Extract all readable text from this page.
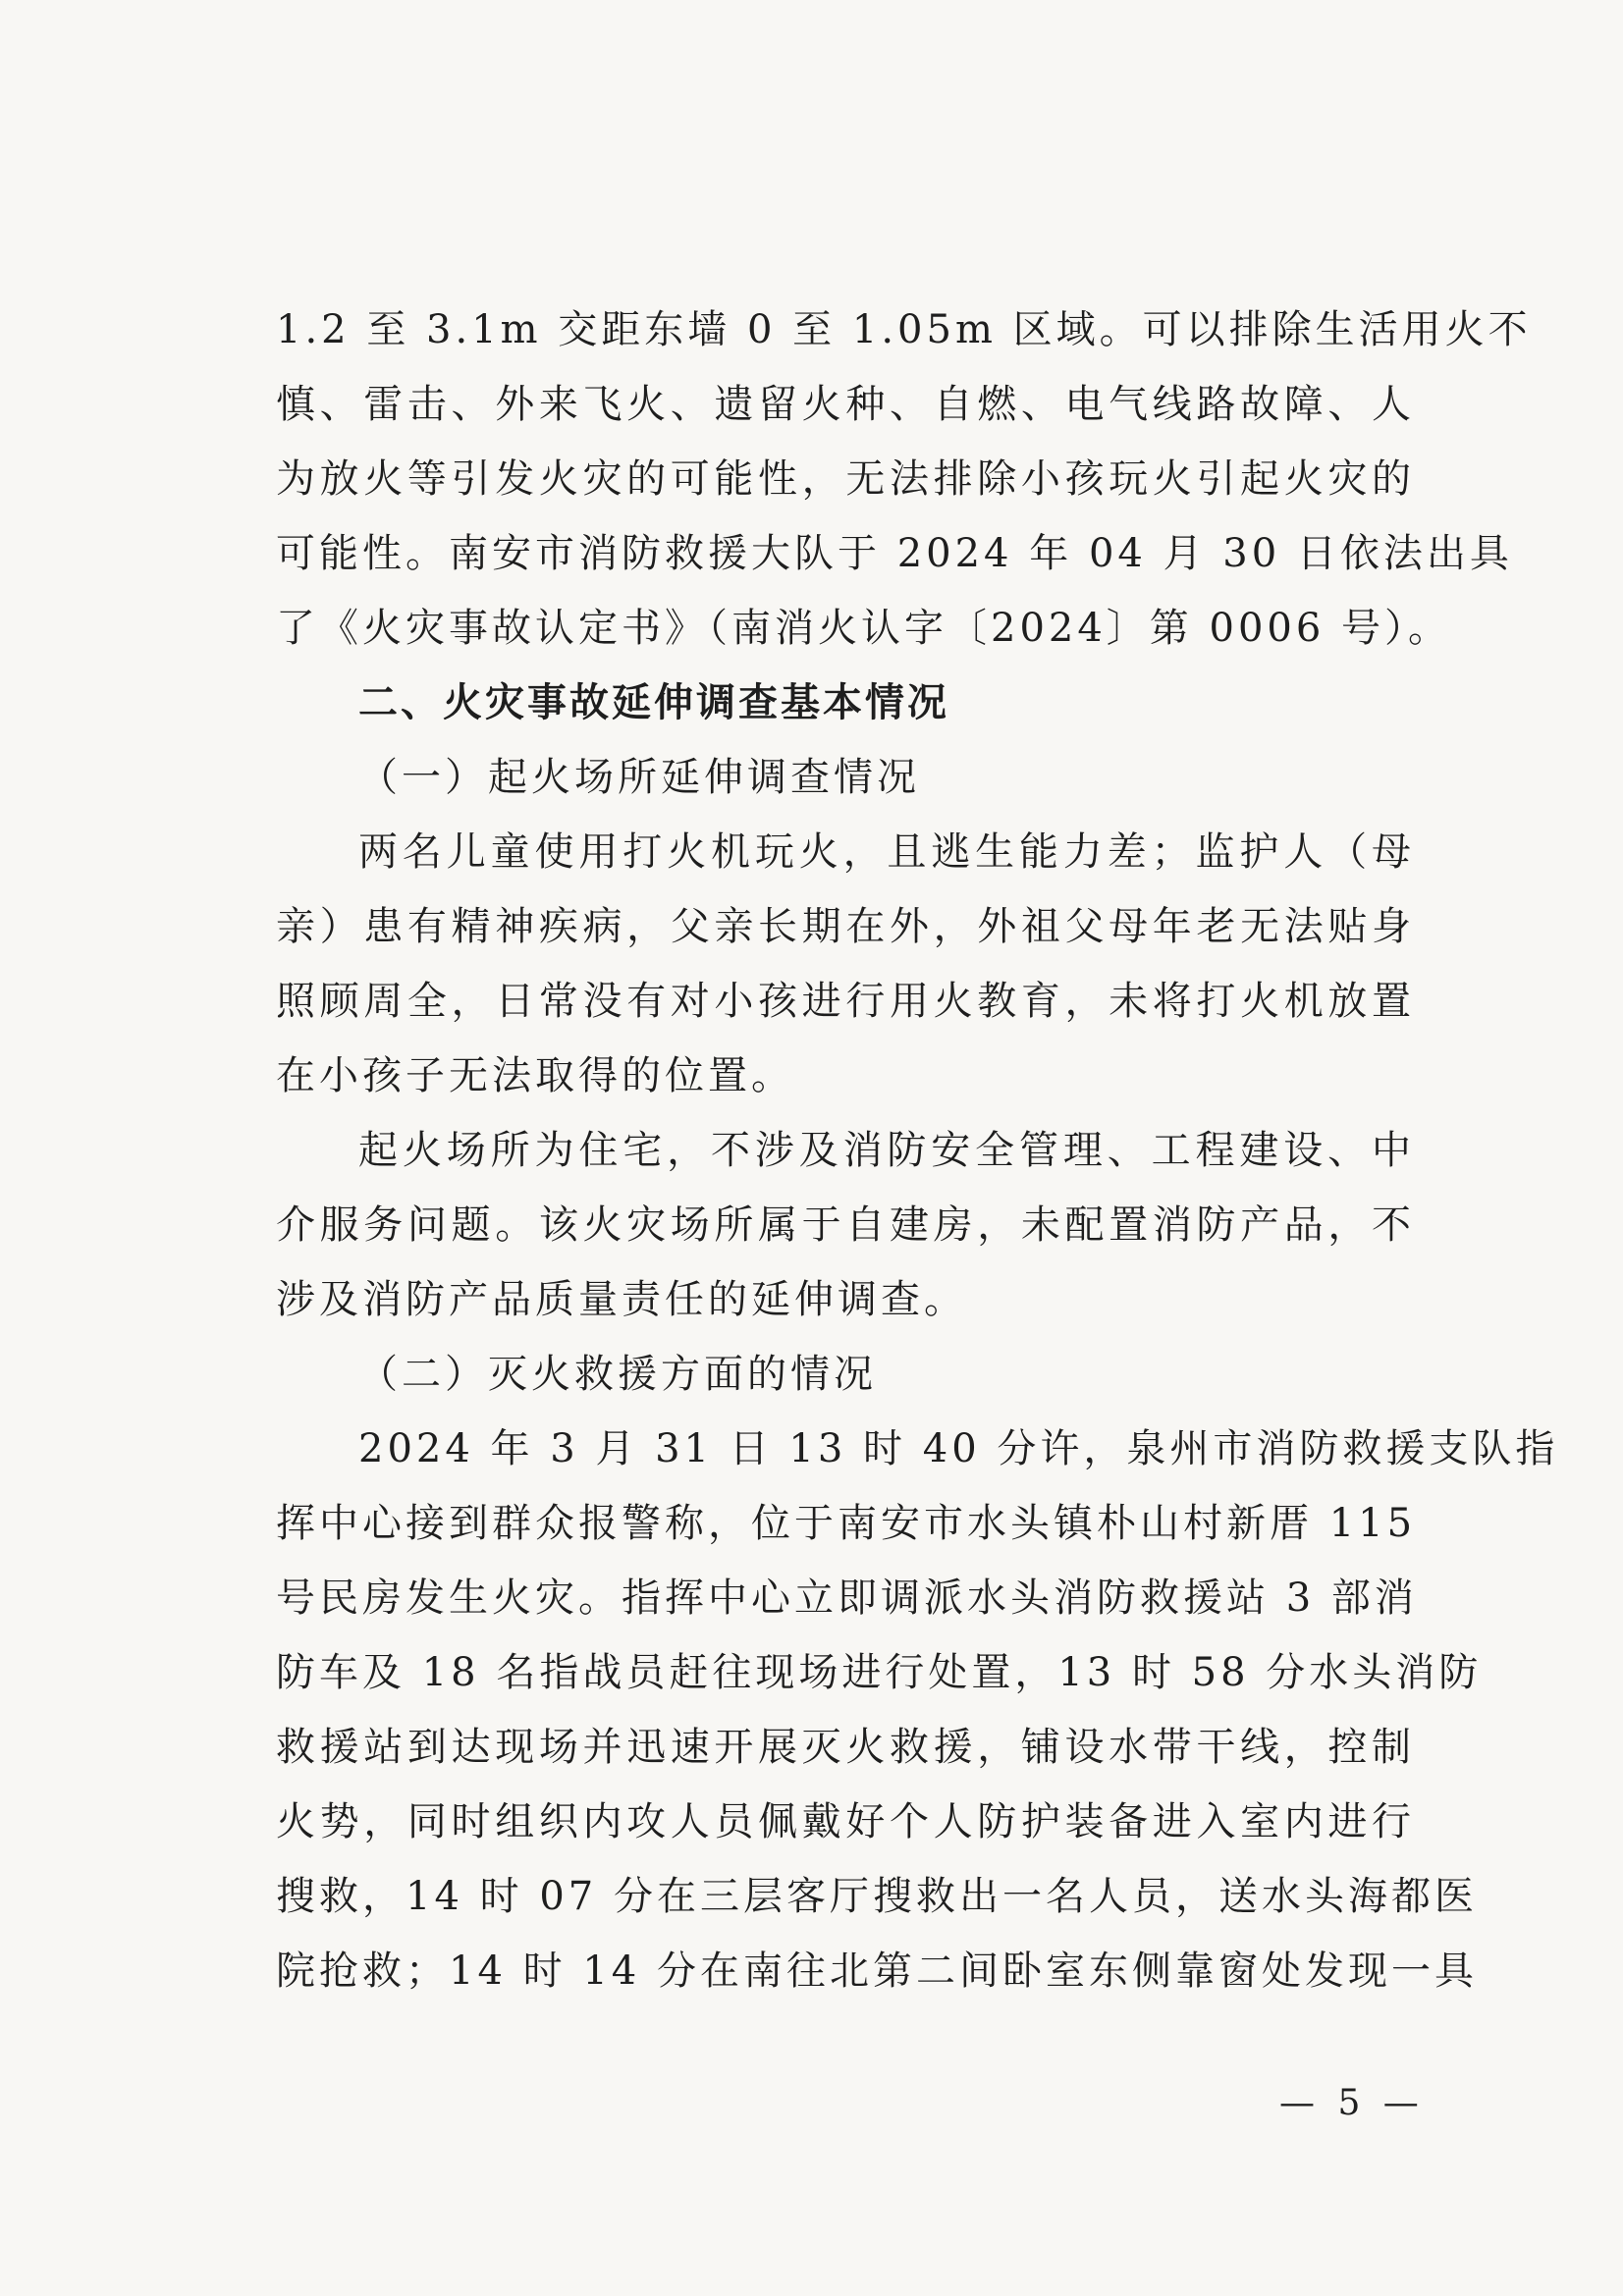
1.2 至 3.1m 交距东墙 0 至 1.05m 区域。可以排除生活用火不
慎、雷击、外来飞火、遗留火种、自燃、电气线路故障、人
为放火等引发火灾的可能性，无法排除小孩玩火引起火灾的
可能性。南安市消防救援大队于 2024 年 04 月 30 日依法出具
了《火灾事故认定书》（南消火认字〔2024〕第 0006 号）。
二、火灾事故延伸调查基本情况
（一）起火场所延伸调查情况
两名儿童使用打火机玩火，且逃生能力差；监护人（母
亲）患有精神疾病，父亲长期在外，外祖父母年老无法贴身
照顾周全，日常没有对小孩进行用火教育，未将打火机放置
在小孩子无法取得的位置。
起火场所为住宅，不涉及消防安全管理、工程建设、中
介服务问题。该火灾场所属于自建房，未配置消防产品，不
涉及消防产品质量责任的延伸调查。
（二）灭火救援方面的情况
2024 年 3 月 31 日 13 时 40 分许，泉州市消防救援支队指
挥中心接到群众报警称，位于南安市水头镇朴山村新厝 115
号民房发生火灾。指挥中心立即调派水头消防救援站 3 部消
防车及 18 名指战员赶往现场进行处置，13 时 58 分水头消防
救援站到达现场并迅速开展灭火救援，铺设水带干线，控制
火势，同时组织内攻人员佩戴好个人防护装备进入室内进行
搜救，14 时 07 分在三层客厅搜救出一名人员，送水头海都医
院抢救；14 时 14 分在南往北第二间卧室东侧靠窗处发现一具
— 5 —
